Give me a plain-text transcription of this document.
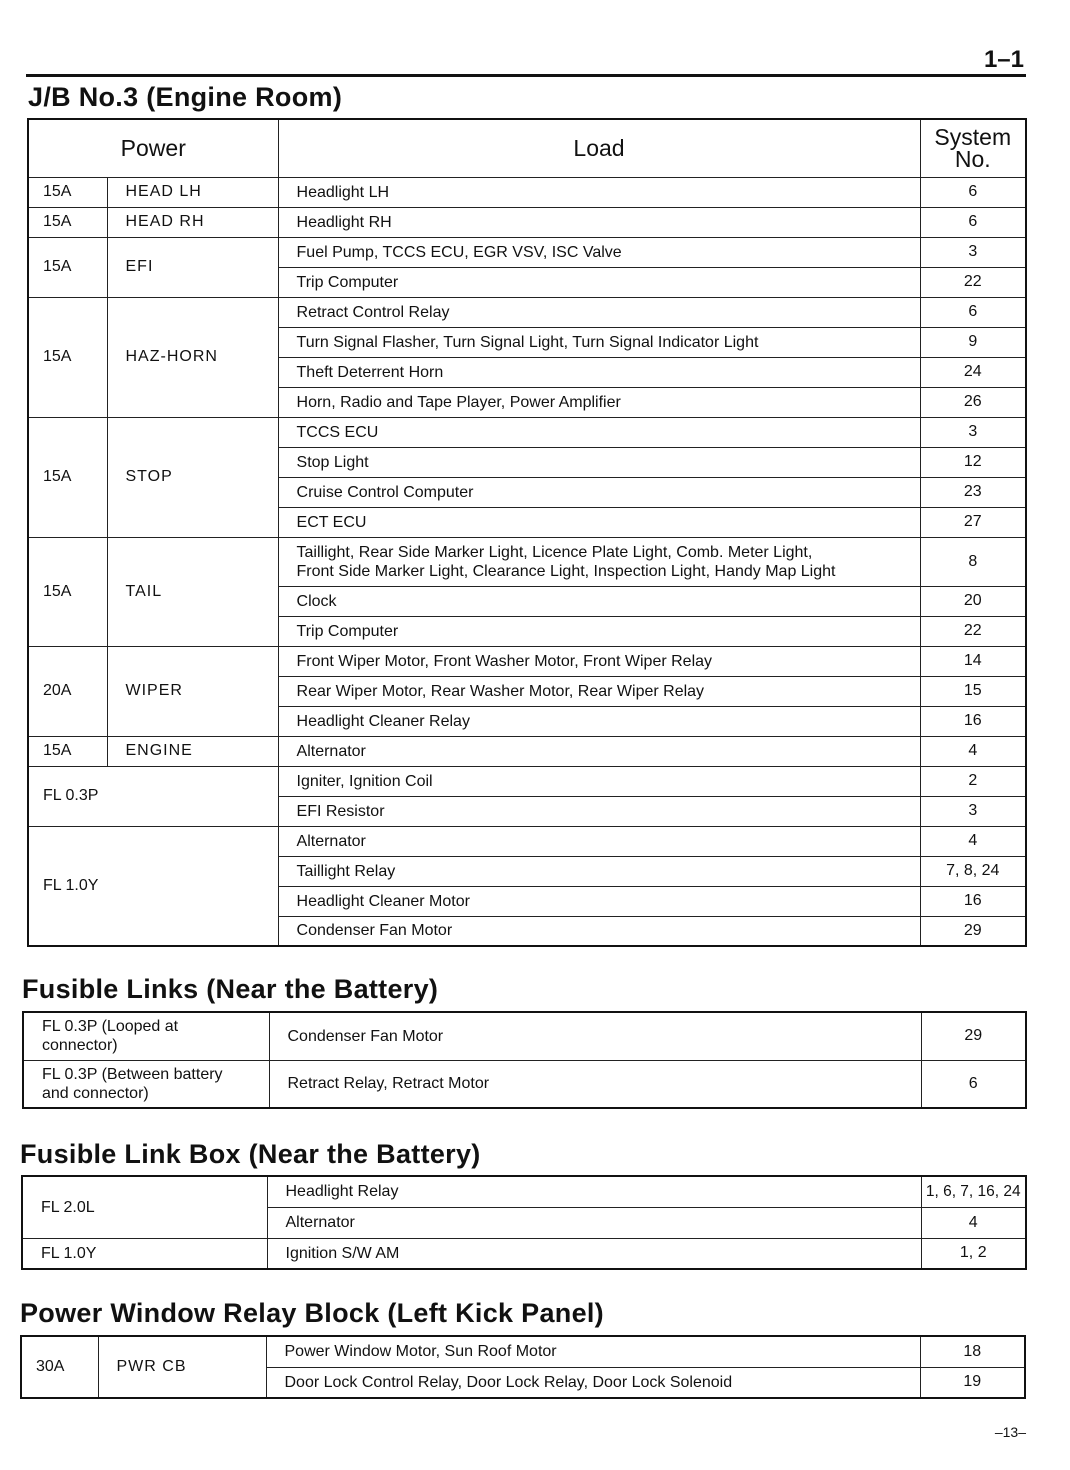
1–1
J/B No.3 (Engine Room)
Power		Load	System No.
15A	HEAD LH	Headlight LH	6
15A	HEAD RH	Headlight RH	6
15A	EFI	Fuel Pump, TCCS ECU, EGR VSV, ISC Valve	3
		Trip Computer	22
15A	HAZ-HORN	Retract Control Relay	6
		Turn Signal Flasher, Turn Signal Light, Turn Signal Indicator Light	9
		Theft Deterrent Horn	24
		Horn, Radio and Tape Player, Power Amplifier	26
15A	STOP	TCCS ECU	3
		Stop Light	12
		Cruise Control Computer	23
		ECT ECU	27
15A	TAIL	Taillight, Rear Side Marker Light, Licence Plate Light, Comb. Meter Light,
Front Side Marker Light, Clearance Light, Inspection Light, Handy Map Light	8
		Clock	20
		Trip Computer	22
20A	WIPER	Front Wiper Motor, Front Washer Motor, Front Wiper Relay	14
		Rear Wiper Motor, Rear Washer Motor, Rear Wiper Relay	15
		Headlight Cleaner Relay	16
15A	ENGINE	Alternator	4
FL 0.3P		Igniter, Ignition Coil	2
		EFI Resistor	3
FL 1.0Y		Alternator	4
		Taillight Relay	7, 8, 24
		Headlight Cleaner Motor	16
		Condenser Fan Motor	29
Fusible Links (Near the Battery)
FL 0.3P (Looped at
connector)	Condenser Fan Motor	29

FL 0.3P (Between battery
and connector)	Retract Relay, Retract Motor	6
Fusible Link Box (Near the Battery)
FL 2.0L	Headlight Relay	1, 6, 7, 16, 24
	Alternator	4
FL 1.0Y	Ignition S/W AM	1, 2
Power Window Relay Block (Left Kick Panel)
30A	PWR CB	Power Window Motor, Sun Roof Motor	18
		Door Lock Control Relay, Door Lock Relay, Door Lock Solenoid	19
–13–
